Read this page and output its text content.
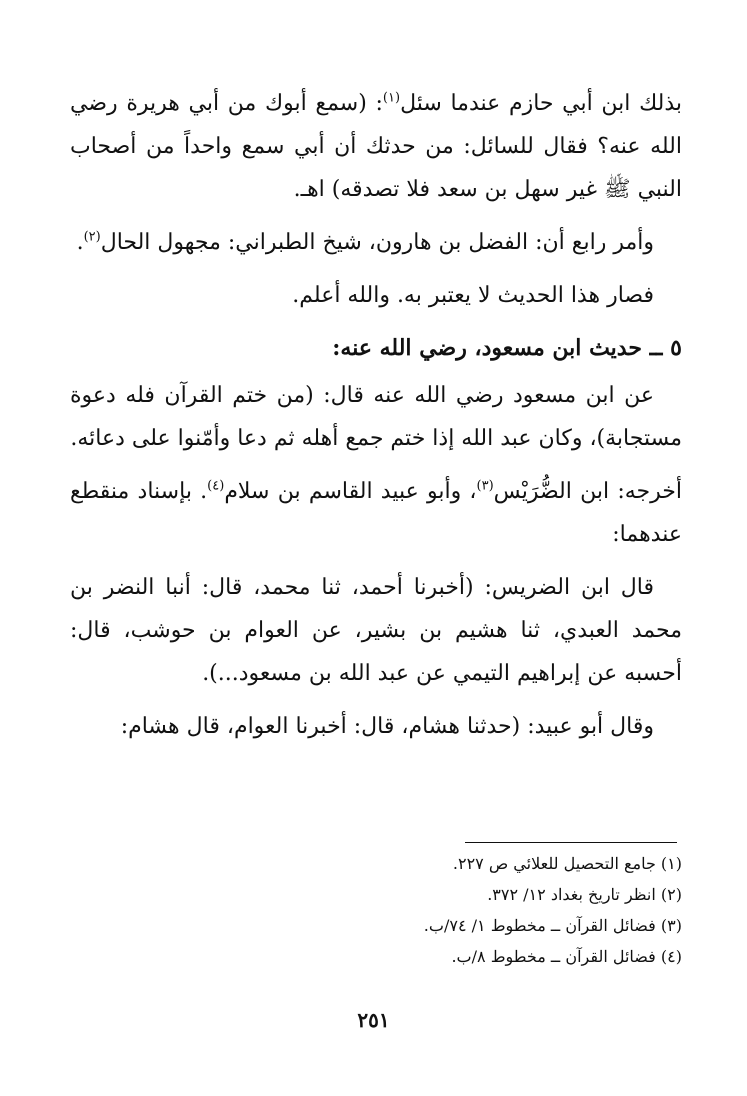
بذلك ابن أبي حازم عندما سئل$^{(١)}$: (سمع أبوك من أبي هريرة رضي الله عنه؟ فقال للسائل: من حدثك أن أبي سمع واحداً من أصحاب النبي ﷺ غير سهل بن سعد فلا تصدقه) اهـ.

وأمر رابع أن: الفضل بن هارون، شيخ الطبراني: مجهول الحال$^{(٢)}$.

فصار هذا الحديث لا يعتبر به. والله أعلم.

٥ ــ حديث ابن مسعود، رضي الله عنه:

عن ابن مسعود رضي الله عنه قال: (من ختم القرآن فله دعوة مستجابة)، وكان عبد الله إذا ختم جمع أهله ثم دعا وأمّنوا على دعائه.

أخرجه: ابن الضُّرَيْس$^{(٣)}$، وأبو عبيد القاسم بن سلام$^{(٤)}$. بإسناد منقطع عندهما:

قال ابن الضريس: (أخبرنا أحمد، ثنا محمد، قال: أنبا النضر بن محمد العبدي، ثنا هشيم بن بشير، عن العوام بن حوشب، قال: أحسبه عن إبراهيم التيمي عن عبد الله بن مسعود...).

وقال أبو عبيد: (حدثنا هشام، قال: أخبرنا العوام، قال هشام:

(١) جامع التحصيل للعلائي ص ٢٢٧.

(٢) انظر تاريخ بغداد ١٢/ ٣٧٢.

(٣) فضائل القرآن ــ مخطوط ١/ ٧٤/ب.

(٤) فضائل القرآن ــ مخطوط ٨/ب.

٢٥١
